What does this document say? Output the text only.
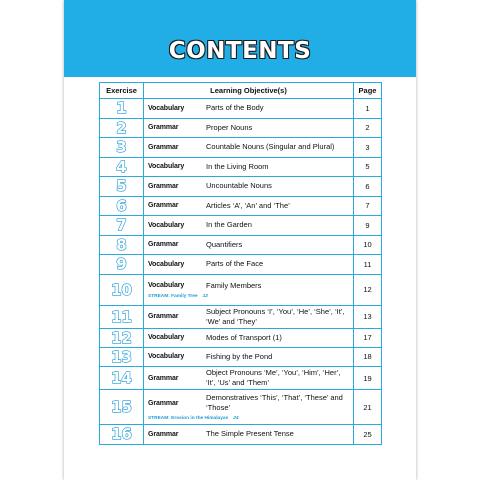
CONTENTS
Exercise	Learning Objective(s)	Page
1	Vocabulary Parts of the Body	1
2	Grammar Proper Nouns	2
3	Grammar Countable Nouns (Singular and Plural)	3
4	Vocabulary In the Living Room	5
5	Grammar Uncountable Nouns	6
6	Grammar Articles ‘A’, ‘An’ and ‘The’	7
7	Vocabulary In the Garden	9
8	Grammar Quantifiers	10
9	Vocabulary Parts of the Face	11
10	Vocabulary Family Members
STREAM: Family Tree 12	12
11	Grammar
Subject Pronouns ‘I’, ‘You’, ‘He’, ‘She’, ‘It’, ‘We’ and ‘They’	13
12	Vocabulary Modes of Transport (1)	17
13	Vocabulary Fishing by the Pond	18
14	Grammar
Object Pronouns ‘Me’, ‘You’, ‘Him’, ‘Her’, ‘It’, ‘Us’ and ‘Them’	19
15	Grammar
Demonstratives ‘This’, ‘That’, ‘These’ and ‘Those’
STREAM: Erosion in the Himalayas 24	21
16	Grammar The Simple Present Tense	25
